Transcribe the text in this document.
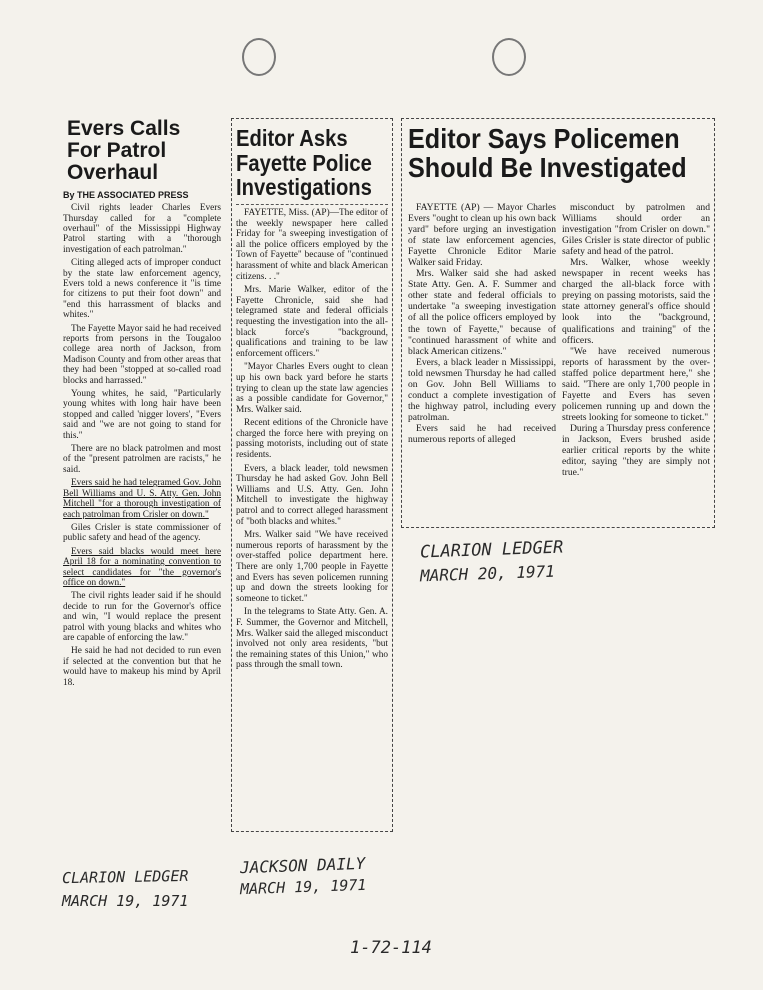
Evers Calls For Patrol Overhaul
By THE ASSOCIATED PRESS

Civil rights leader Charles Evers Thursday called for a "complete overhaul" of the Mississippi Highway Patrol starting with a "thorough investigation of each patrolman."

Citing alleged acts of improper conduct by the state law enforcement agency, Evers told a news conference it "is time for citizens to put their foot down" and "end this harrassment of blacks and whites."

The Fayette Mayor said he had received reports from persons in the Tougaloo college area north of Jackson, from Madison County and from other areas that they had been "stopped at so-called road blocks and harrassed."

Young whites, he said, "Particularly young whites with long hair have been stopped and called 'nigger lovers', "Evers said and "we are not going to stand for this."

There are no black patrolmen and most of the "present patrolmen are racists," he said.

Evers said he had telegramed Gov. John Bell Williams and U. S. Atty. Gen. John Mitchell "for a thorough investigation of each patrolman from Crisler on down."

Giles Crisler is state commissioner of public safety and head of the agency.

Evers said blacks would meet here April 18 for a nominating convention to select candidates for "the governor's office on down."

The civil rights leader said if he should decide to run for the Governor's office and win, "I would replace the present patrol with young blacks and whites who are capable of enforcing the law."

He said he had not decided to run even if selected at the convention but that he would have to makeup his mind by April 18.

Editor Asks Fayette Police Investigations

FAYETTE, Miss. (AP)—The editor of the weekly newspaper here called Friday for "a sweeping investigation of all the police officers employed by the Town of Fayette" because of "continued harassment of white and black American citizens. . ."

Mrs. Marie Walker, editor of the Fayette Chronicle, said she had telegramed state and federal officials requesting the investigation into the all-black force's "background, qualifications and training to be law enforcement officers."

"Mayor Charles Evers ought to clean up his own back yard before he starts trying to clean up the state law agencies as a possible candidate for Governor," Mrs. Walker said.

Recent editions of the Chronicle have charged the force here with preying on passing motorists, including out of state residents.

Evers, a black leader, told newsmen Thursday he had asked Gov. John Bell Williams and U.S. Atty. Gen. John Mitchell to investigate the highway patrol and to correct alleged harassment of "both blacks and whites."

Mrs. Walker said "We have received numerous reports of harassment by the over-staffed police department here. There are only 1,700 people in Fayette and Evers has seven policemen running up and down the streets looking for someone to ticket."

In the telegrams to State Atty. Gen. A. F. Summer, the Governor and Mitchell, Mrs. Walker said the alleged misconduct involved not only area residents, "but the remaining states of this Union," who pass through the small town.

Editor Says Policemen Should Be Investigated

FAYETTE (AP) — Mayor Charles Evers "ought to clean up his own back yard" before urging an investigation of state law enforcement agencies, Fayette Chronicle Editor Marie Walker said Friday.

Mrs. Walker said she had asked State Atty. Gen. A. F. Summer and other state and federal officials to undertake "a sweeping investigation of all the police officers employed by the town of Fayette," because of "continued harassment of white and black American citizens."

Evers, a black leader n Mississippi, told newsmen Thursday he had called on Gov. John Bell Williams to conduct a complete investigation of the highway patrol, including every patrolman.

Evers said he had received numerous reports of alleged

misconduct by patrolmen and Williams should order an investigation "from Crisler on down." Giles Crisler is state director of public safety and head of the patrol.

Mrs. Walker, whose weekly newspaper in recent weeks has charged the all-black force with preying on passing motorists, said the state attorney general's office should look into the "background, qualifications and training" of the officers.

"We have received numerous reports of harassment by the over-staffed police department here," she said. "There are only 1,700 people in Fayette and Evers has seven policemen running up and down the streets looking for someone to ticket."

During a Thursday press conference in Jackson, Evers brushed aside earlier critical reports by the white editor, saying "they are simply not true."

CLARION LEDGER
MARCH 20, 1971
CLARION LEDGER
MARCH 19, 1971
JACKSON DAILY
MARCH 19, 1971
1-72-114
